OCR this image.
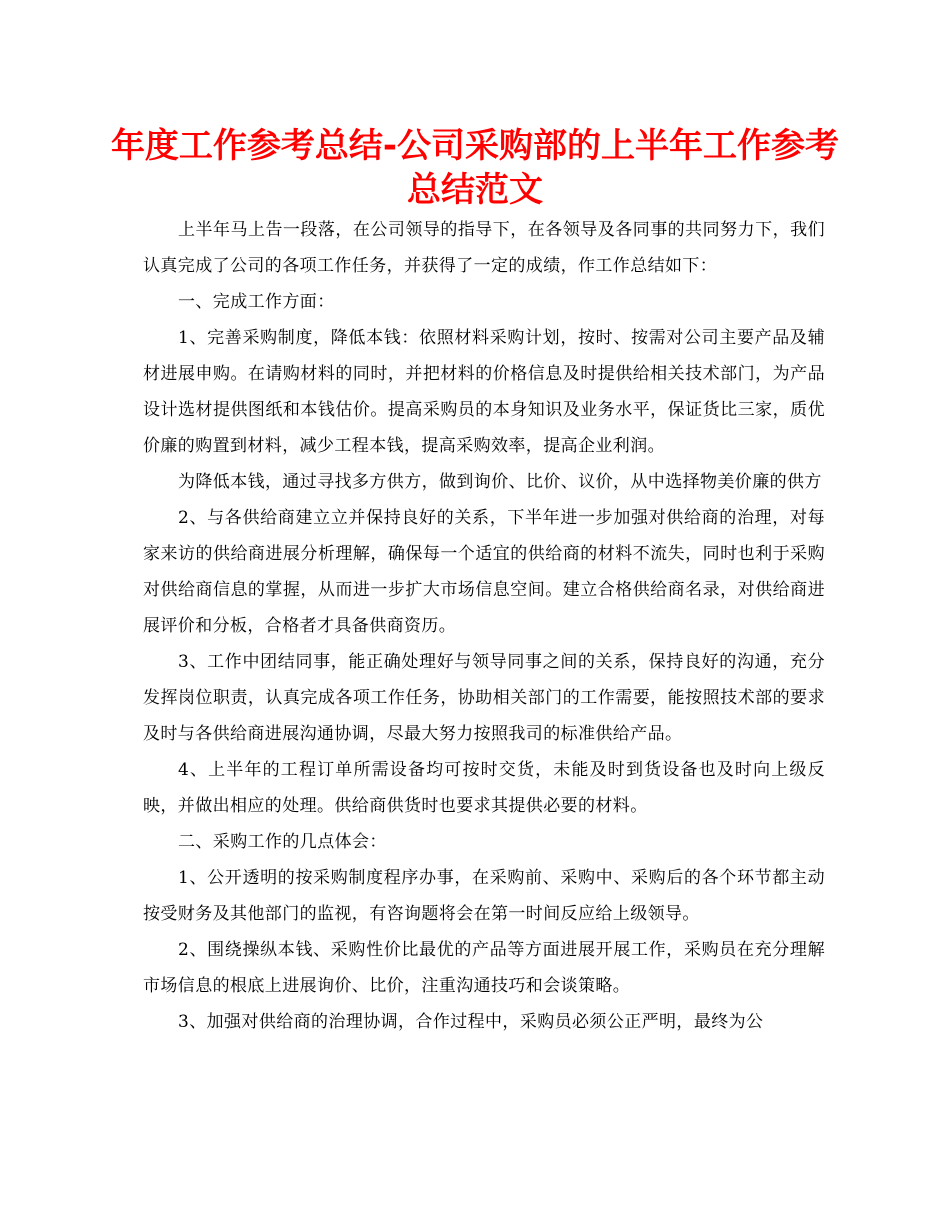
年度工作参考总结-公司采购部的上半年工作参考
总结范文

上半年马上告一段落，在公司领导的指导下，在各领导及各同事的共同努力下，我们认真完成了公司的各项工作任务，并获得了一定的成绩，作工作总结如下：

一、完成工作方面：

1、完善采购制度，降低本钱：依照材料采购计划，按时、按需对公司主要产品及辅材进展申购。在请购材料的同时，并把材料的价格信息及时提供给相关技术部门，为产品设计选材提供图纸和本钱估价。提高采购员的本身知识及业务水平，保证货比三家，质优价廉的购置到材料，减少工程本钱，提高采购效率，提高企业利润。

为降低本钱，通过寻找多方供方，做到询价、比价、议价，从中选择物美价廉的供方

2、与各供给商建立立并保持良好的关系，下半年进一步加强对供给商的治理，对每家来访的供给商进展分析理解，确保每一个适宜的供给商的材料不流失，同时也利于采购对供给商信息的掌握，从而进一步扩大市场信息空间。建立合格供给商名录，对供给商进展评价和分板，合格者才具备供商资历。

3、工作中团结同事，能正确处理好与领导同事之间的关系，保持良好的沟通，充分发挥岗位职责，认真完成各项工作任务，协助相关部门的工作需要，能按照技术部的要求及时与各供给商进展沟通协调，尽最大努力按照我司的标准供给产品。

4、上半年的工程订单所需设备均可按时交货，未能及时到货设备也及时向上级反映，并做出相应的处理。供给商供货时也要求其提供必要的材料。

二、采购工作的几点体会：

1、公开透明的按采购制度程序办事，在采购前、采购中、采购后的各个环节都主动按受财务及其他部门的监视，有咨询题将会在第一时间反应给上级领导。

2、围绕操纵本钱、采购性价比最优的产品等方面进展开展工作，采购员在充分理解市场信息的根底上进展询价、比价，注重沟通技巧和会谈策略。

3、加强对供给商的治理协调，合作过程中，采购员必须公正严明，最终为公
